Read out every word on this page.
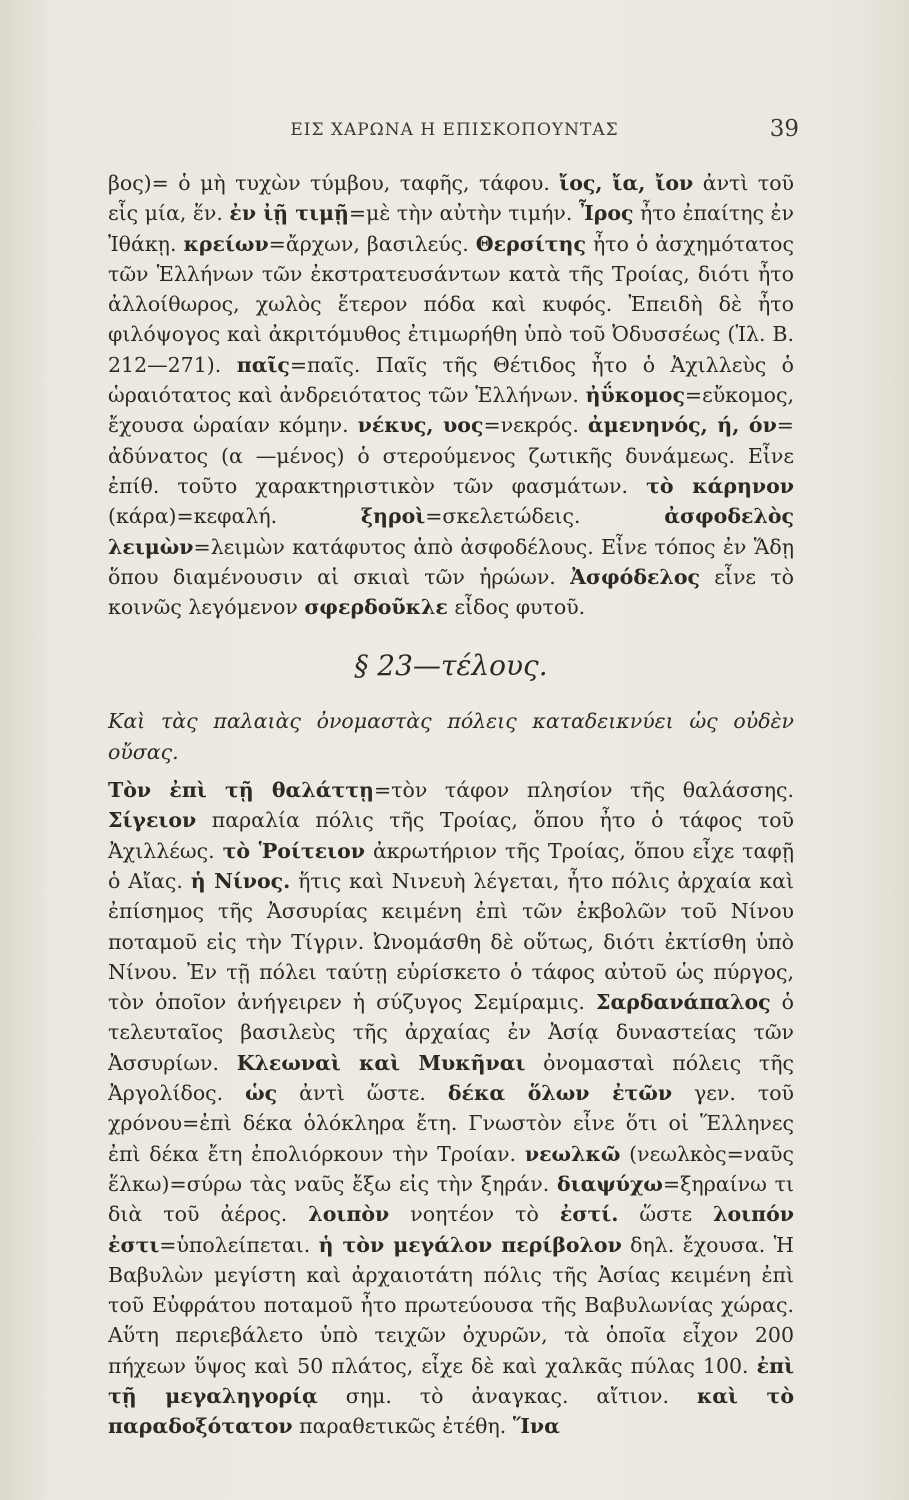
ΕΙΣ ΧΑΡΩΝΑ Η ΕΠΙΣΚΟΠΟΥΝΤΑΣ	39

βος)= ὁ μὴ τυχὼν τύμβου, ταφῆς, τάφου. ἴος, ἴα, ἴον ἀντὶ τοῦ εἷς μία, ἕν. ἐν ἰῇ τιμῇ=μὲ τὴν αὐτὴν τιμήν. Ἶρος ἦτο ἐπαίτης ἐν Ἰθάκῃ. κρείων=ἄρχων, βασιλεύς. Θερσίτης ἦτο ὁ ἀσχημότατος τῶν Ἑλλήνων τῶν ἐκστρατευσάντων κατὰ τῆς Τροίας, διότι ἦτο ἀλλοίθωρος, χωλὸς ἕτερον πόδα καὶ κυφός. Ἐπειδὴ δὲ ἦτο φιλόψογος καὶ ἀκριτόμυθος ἐτιμωρήθη ὑπὸ τοῦ Ὀδυσσέως (Ἰλ. Β. 212—271). παῖς=παῖς. Παῖς τῆς Θέτιδος ἦτο ὁ Ἀχιλλεὺς ὁ ὡραιότατος καὶ ἀνδρειότατος τῶν Ἑλλήνων. ἠΰκομος=εὔκομος, ἔχουσα ὡραίαν κόμην. νέκυς, υος=νεκρός. ἀμενηνός, ή, όν= ἀδύνατος (α —μένος) ὁ στερούμενος ζωτικῆς δυνάμεως. Εἶνε ἐπίθ. τοῦτο χαρακτηριστικὸν τῶν φασμάτων. τὸ κάρηνον (κάρα)=κεφαλή. ξηροὶ=σκελετώδεις. ἀσφοδελὸς λειμὼν=λειμὼν κατάφυτος ἀπὸ ἀσφοδέλους. Εἶνε τόπος ἐν Ἅδῃ ὅπου διαμένουσιν αἱ σκιαὶ τῶν ἡρώων. Ἀσφόδελος εἶνε τὸ κοινῶς λεγόμενον σφερδοῦκλε εἶδος φυτοῦ.

§ 23—τέλους.

Καὶ τὰς παλαιὰς ὀνομαστὰς πόλεις καταδεικνύει ὡς οὐδὲν οὔσας.

Τὸν ἐπὶ τῇ θαλάττῃ=τὸν τάφον πλησίον τῆς θαλάσσης. Σίγειον παραλία πόλις τῆς Τροίας, ὅπου ἦτο ὁ τάφος τοῦ Ἀχιλλέως. τὸ Ῥοίτειον ἀκρωτήριον τῆς Τροίας, ὅπου εἶχε ταφῇ ὁ Αἴας. ἡ Νίνος. ἥτις καὶ Νινευὴ λέγεται, ἦτο πόλις ἀρχαία καὶ ἐπίσημος τῆς Ἀσσυρίας κειμένη ἐπὶ τῶν ἐκβολῶν τοῦ Νίνου ποταμοῦ εἰς τὴν Τίγριν. Ὠνομάσθη δὲ οὕτως, διότι ἐκτίσθη ὑπὸ Νίνου. Ἐν τῇ πόλει ταύτῃ εὑρίσκετο ὁ τάφος αὐτοῦ ὡς πύργος, τὸν ὁποῖον ἀνήγειρεν ἡ σύζυγος Σεμίραμις. Σαρδανάπαλος ὁ τελευταῖος βασιλεὺς τῆς ἀρχαίας ἐν Ἀσίᾳ δυναστείας τῶν Ἀσσυρίων. Κλεωναὶ καὶ Μυκῆναι ὀνομασταὶ πόλεις τῆς Ἀργολίδος. ὡς ἀντὶ ὥστε. δέκα ὅλων ἐτῶν γεν. τοῦ χρόνου=ἐπὶ δέκα ὁλόκληρα ἔτη. Γνωστὸν εἶνε ὅτι οἱ Ἕλληνες ἐπὶ δέκα ἔτη ἐπολιόρκουν τὴν Τροίαν. νεωλκῶ (νεωλκὸς=ναῦς ἕλκω)=σύρω τὰς ναῦς ἔξω εἰς τὴν ξηράν. διαψύχω=ξηραίνω τι διὰ τοῦ ἀέρος. λοιπὸν νοητέον τὸ ἐστί. ὥστε λοιπόν ἐστι=ὑπολείπεται. ἡ τὸν μεγάλον περίβολον δηλ. ἔχουσα. Ἡ Βαβυλὼν μεγίστη καὶ ἀρχαιοτάτη πόλις τῆς Ἀσίας κειμένη ἐπὶ τοῦ Εὐφράτου ποταμοῦ ἦτο πρωτεύουσα τῆς Βαβυλωνίας χώρας. Αὕτη περιεβάλετο ὑπὸ τειχῶν ὀχυρῶν, τὰ ὁποῖα εἶχον 200 πήχεων ὕψος καὶ 50 πλάτος, εἶχε δὲ καὶ χαλκᾶς πύλας 100. ἐπὶ τῇ μεγαληγορίᾳ σημ. τὸ ἀναγκας. αἴτιον. καὶ τὸ παραδοξότατον παραθετικῶς ἐτέθη. Ἵνα
